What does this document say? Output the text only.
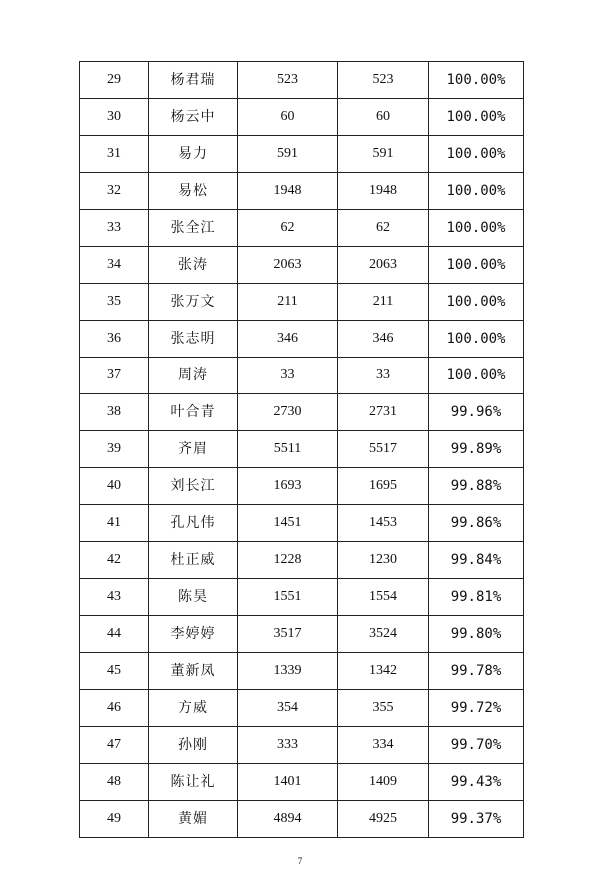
29	杨君瑞	523	523	100.00%
30	杨云中	60	60	100.00%
31	易力	591	591	100.00%
32	易松	1948	1948	100.00%
33	张全江	62	62	100.00%
34	张涛	2063	2063	100.00%
35	张万文	211	211	100.00%
36	张志明	346	346	100.00%
37	周涛	33	33	100.00%
38	叶合青	2730	2731	99.96%
39	齐眉	5511	5517	99.89%
40	刘长江	1693	1695	99.88%
41	孔凡伟	1451	1453	99.86%
42	杜正威	1228	1230	99.84%
43	陈昊	1551	1554	99.81%
44	李婷婷	3517	3524	99.80%
45	董新凤	1339	1342	99.78%
46	方威	354	355	99.72%
47	孙刚	333	334	99.70%
48	陈让礼	1401	1409	99.43%
49	黄媚	4894	4925	99.37%
7
